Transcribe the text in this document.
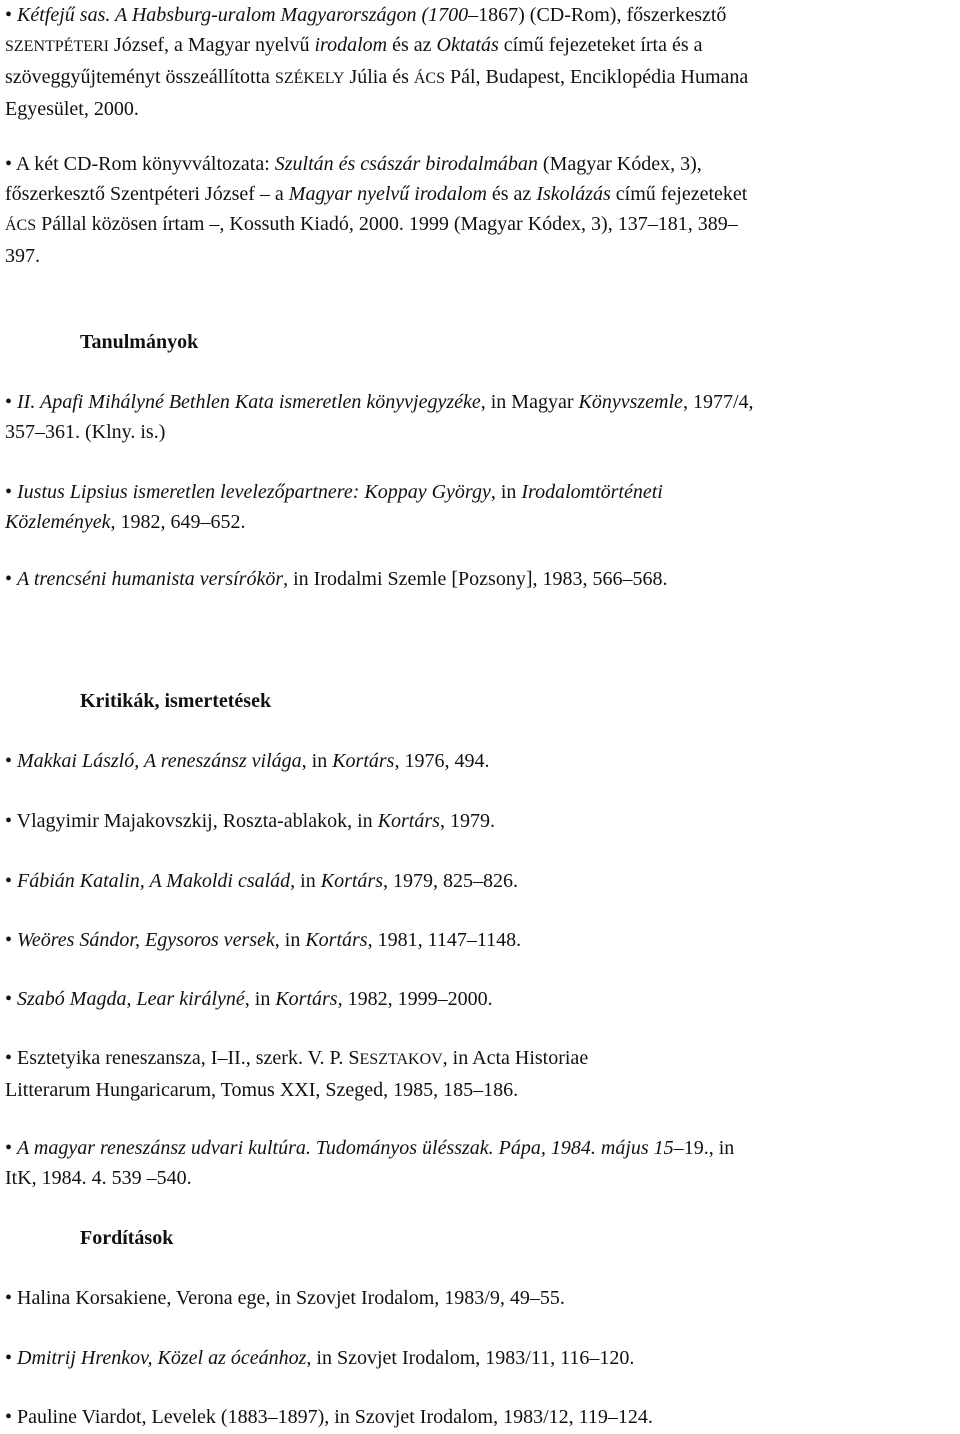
• Kétfejű sas. A Habsburg-uralom Magyarországon (1700–1867) (CD-Rom), főszerkesztő
SZENTPÉTERI József, a Magyar nyelvű irodalom és az Oktatás című fejezeteket írta és a
szöveggyűjteményt összeállította SZÉKELY Júlia és ÁCS Pál, Budapest, Enciklopédia Humana
Egyesület, 2000.
• A két CD-Rom könyvváltozata: Szultán és császár birodalmában (Magyar Kódex, 3),
főszerkesztő Szentpéteri József – a Magyar nyelvű irodalom és az Iskolázás című fejezeteket
ÁCS Pállal közösen írtam –, Kossuth Kiadó, 2000. 1999 (Magyar Kódex, 3), 137–181, 389–
397.
Tanulmányok
• II. Apafi Mihályné Bethlen Kata ismeretlen könyvjegyzéke, in Magyar Könyvszemle, 1977/4,
357–361. (Klny. is.)
• Iustus Lipsius ismeretlen levelezőpartnere: Koppay György, in Irodalomtörténeti
Közlemények, 1982, 649–652.
• A trencséni humanista versírókör, in Irodalmi Szemle [Pozsony], 1983, 566–568.
Kritikák, ismertetések
• Makkai László, A reneszánsz világa, in Kortárs, 1976, 494.
• Vlagyimir Majakovszkij, Roszta-ablakok, in Kortárs, 1979.
• Fábián Katalin, A Makoldi család, in Kortárs, 1979, 825–826.
• Weöres Sándor, Egysoros versek, in Kortárs, 1981, 1147–1148.
• Szabó Magda, Lear királyné, in Kortárs, 1982, 1999–2000.
• Esztetyika reneszansza, I–II., szerk. V. P. SESZTAKOV, in Acta Historiae
Litterarum Hungaricarum, Tomus XXI, Szeged, 1985, 185–186.
• A magyar reneszánsz udvari kultúra. Tudományos ülésszak. Pápa, 1984. május 15–19., in
ItK, 1984. 4. 539 –540.
Fordítások
• Halina Korsakiene, Verona ege, in Szovjet Irodalom, 1983/9, 49–55.
• Dmitrij Hrenkov, Közel az óceánhoz, in Szovjet Irodalom, 1983/11, 116–120.
• Pauline Viardot, Levelek (1883–1897), in Szovjet Irodalom, 1983/12, 119–124.
